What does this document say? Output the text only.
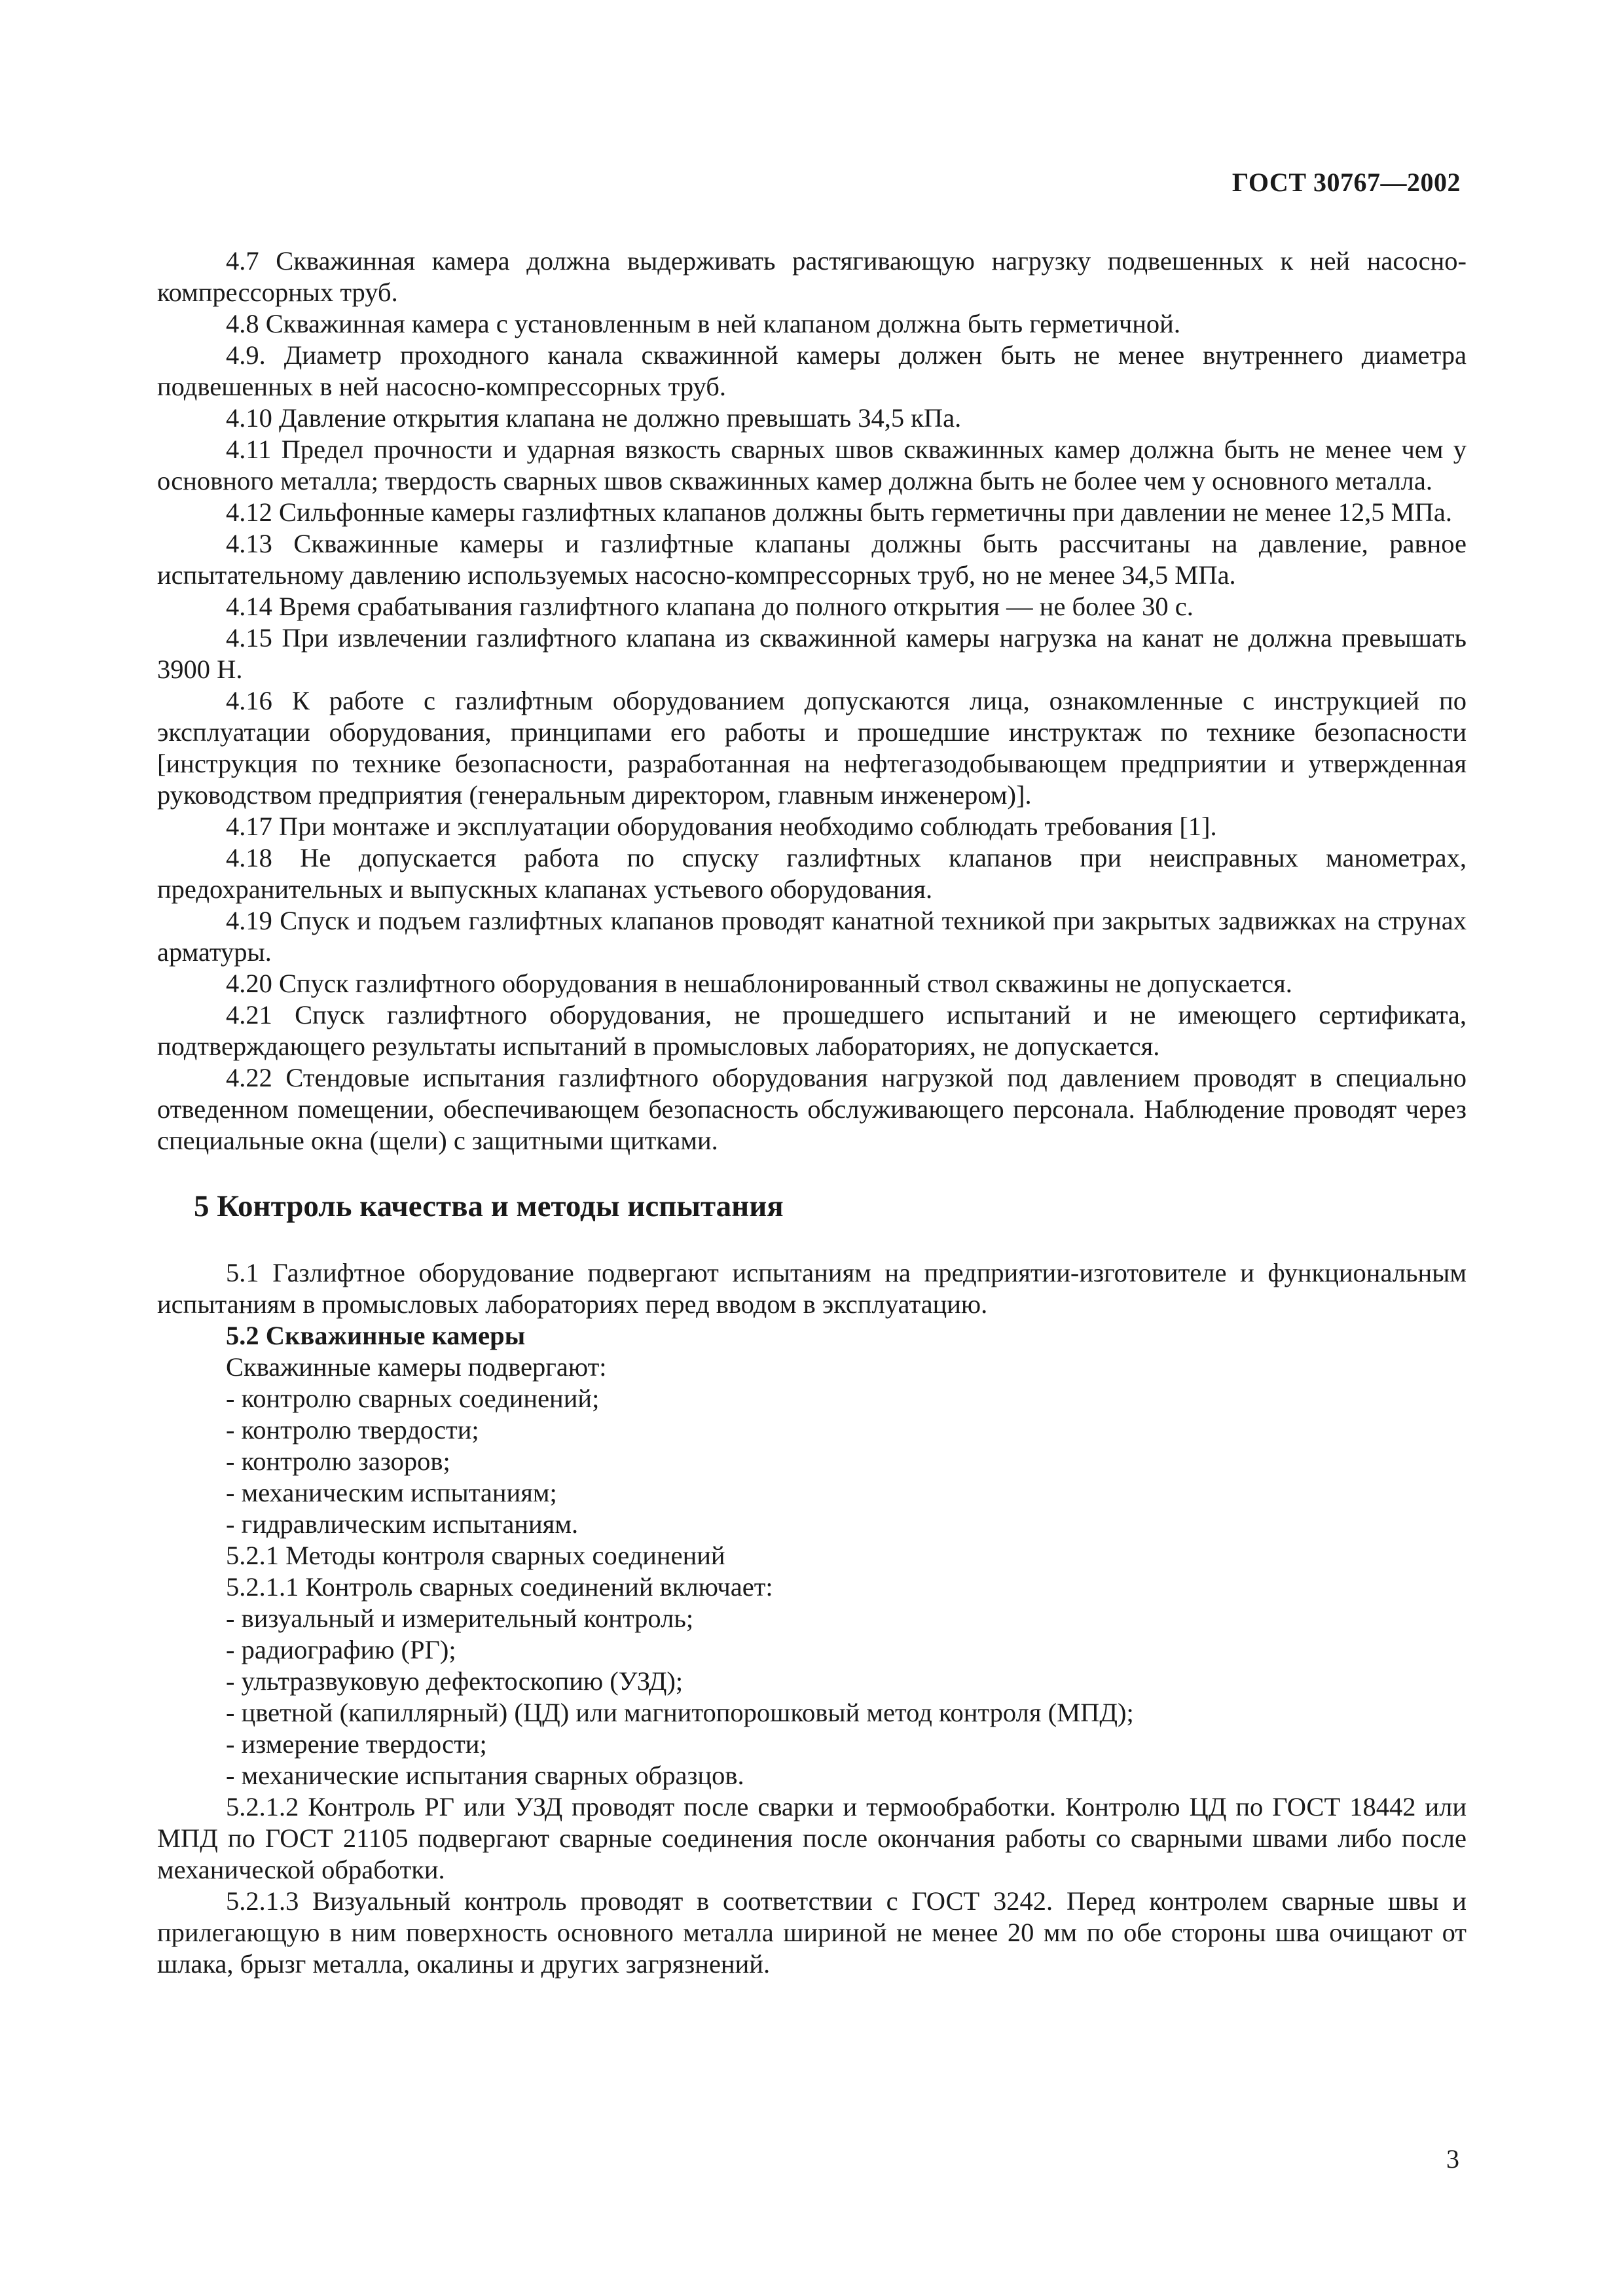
ГОСТ 30767—2002

4.7 Скважинная камера должна выдерживать растягивающую нагрузку подвешенных к ней насосно-компрессорных труб.

4.8 Скважинная камера с установленным в ней клапаном должна быть герметичной.

4.9. Диаметр проходного канала скважинной камеры должен быть не менее внутреннего диаметра подвешенных в ней насосно-компрессорных труб.

4.10 Давление открытия клапана не должно превышать 34,5 кПа.

4.11 Предел прочности и ударная вязкость сварных швов скважинных камер должна быть не менее чем у основного металла; твердость сварных швов скважинных камер должна быть не более чем у основного металла.

4.12 Сильфонные камеры газлифтных клапанов должны быть герметичны при давлении не менее 12,5 МПа.

4.13 Скважинные камеры и газлифтные клапаны должны быть рассчитаны на давление, равное испытательному давлению используемых насосно-компрессорных труб, но не менее 34,5 МПа.

4.14 Время срабатывания газлифтного клапана до полного открытия — не более 30 с.

4.15 При извлечении газлифтного клапана из скважинной камеры нагрузка на канат не должна превышать 3900 Н.

4.16 К работе с газлифтным оборудованием допускаются лица, ознакомленные с инструкцией по эксплуатации оборудования, принципами его работы и прошедшие инструктаж по технике безопасности [инструкция по технике безопасности, разработанная на нефтегазодобывающем предприятии и утвержденная руководством предприятия (генеральным директором, главным инженером)].

4.17 При монтаже и эксплуатации оборудования необходимо соблюдать требования [1].

4.18 Не допускается работа по спуску газлифтных клапанов при неисправных манометрах, предохранительных и выпускных клапанах устьевого оборудования.

4.19 Спуск и подъем газлифтных клапанов проводят канатной техникой при закрытых задвижках на струнах арматуры.

4.20 Спуск газлифтного оборудования в нешаблонированный ствол скважины не допускается.

4.21 Спуск газлифтного оборудования, не прошедшего испытаний и не имеющего сертификата, подтверждающего результаты испытаний в промысловых лабораториях, не допускается.

4.22 Стендовые испытания газлифтного оборудования нагрузкой под давлением проводят в специально отведенном помещении, обеспечивающем безопасность обслуживающего персонала. Наблюдение проводят через специальные окна (щели) с защитными щитками.

5 Контроль качества и методы испытания

5.1 Газлифтное оборудование подвергают испытаниям на предприятии-изготовителе и функциональным испытаниям в промысловых лабораториях перед вводом в эксплуатацию.

5.2 Скважинные камеры

Скважинные камеры подвергают:

- контролю сварных соединений;

- контролю твердости;

- контролю зазоров;

- механическим испытаниям;

- гидравлическим испытаниям.

5.2.1 Методы контроля сварных соединений

5.2.1.1 Контроль сварных соединений включает:

- визуальный и измерительный контроль;

- радиографию (РГ);

- ультразвуковую дефектоскопию (УЗД);

- цветной (капиллярный) (ЦД) или магнитопорошковый метод контроля (МПД);

- измерение твердости;

- механические испытания сварных образцов.

5.2.1.2 Контроль РГ или УЗД проводят после сварки и термообработки. Контролю ЦД по ГОСТ 18442 или МПД по ГОСТ 21105 подвергают сварные соединения после окончания работы со сварными швами либо после механической обработки.

5.2.1.3 Визуальный контроль проводят в соответствии с ГОСТ 3242. Перед контролем сварные швы и прилегающую в ним поверхность основного металла шириной не менее 20 мм по обе стороны шва очищают от шлака, брызг металла, окалины и других загрязнений.

3
